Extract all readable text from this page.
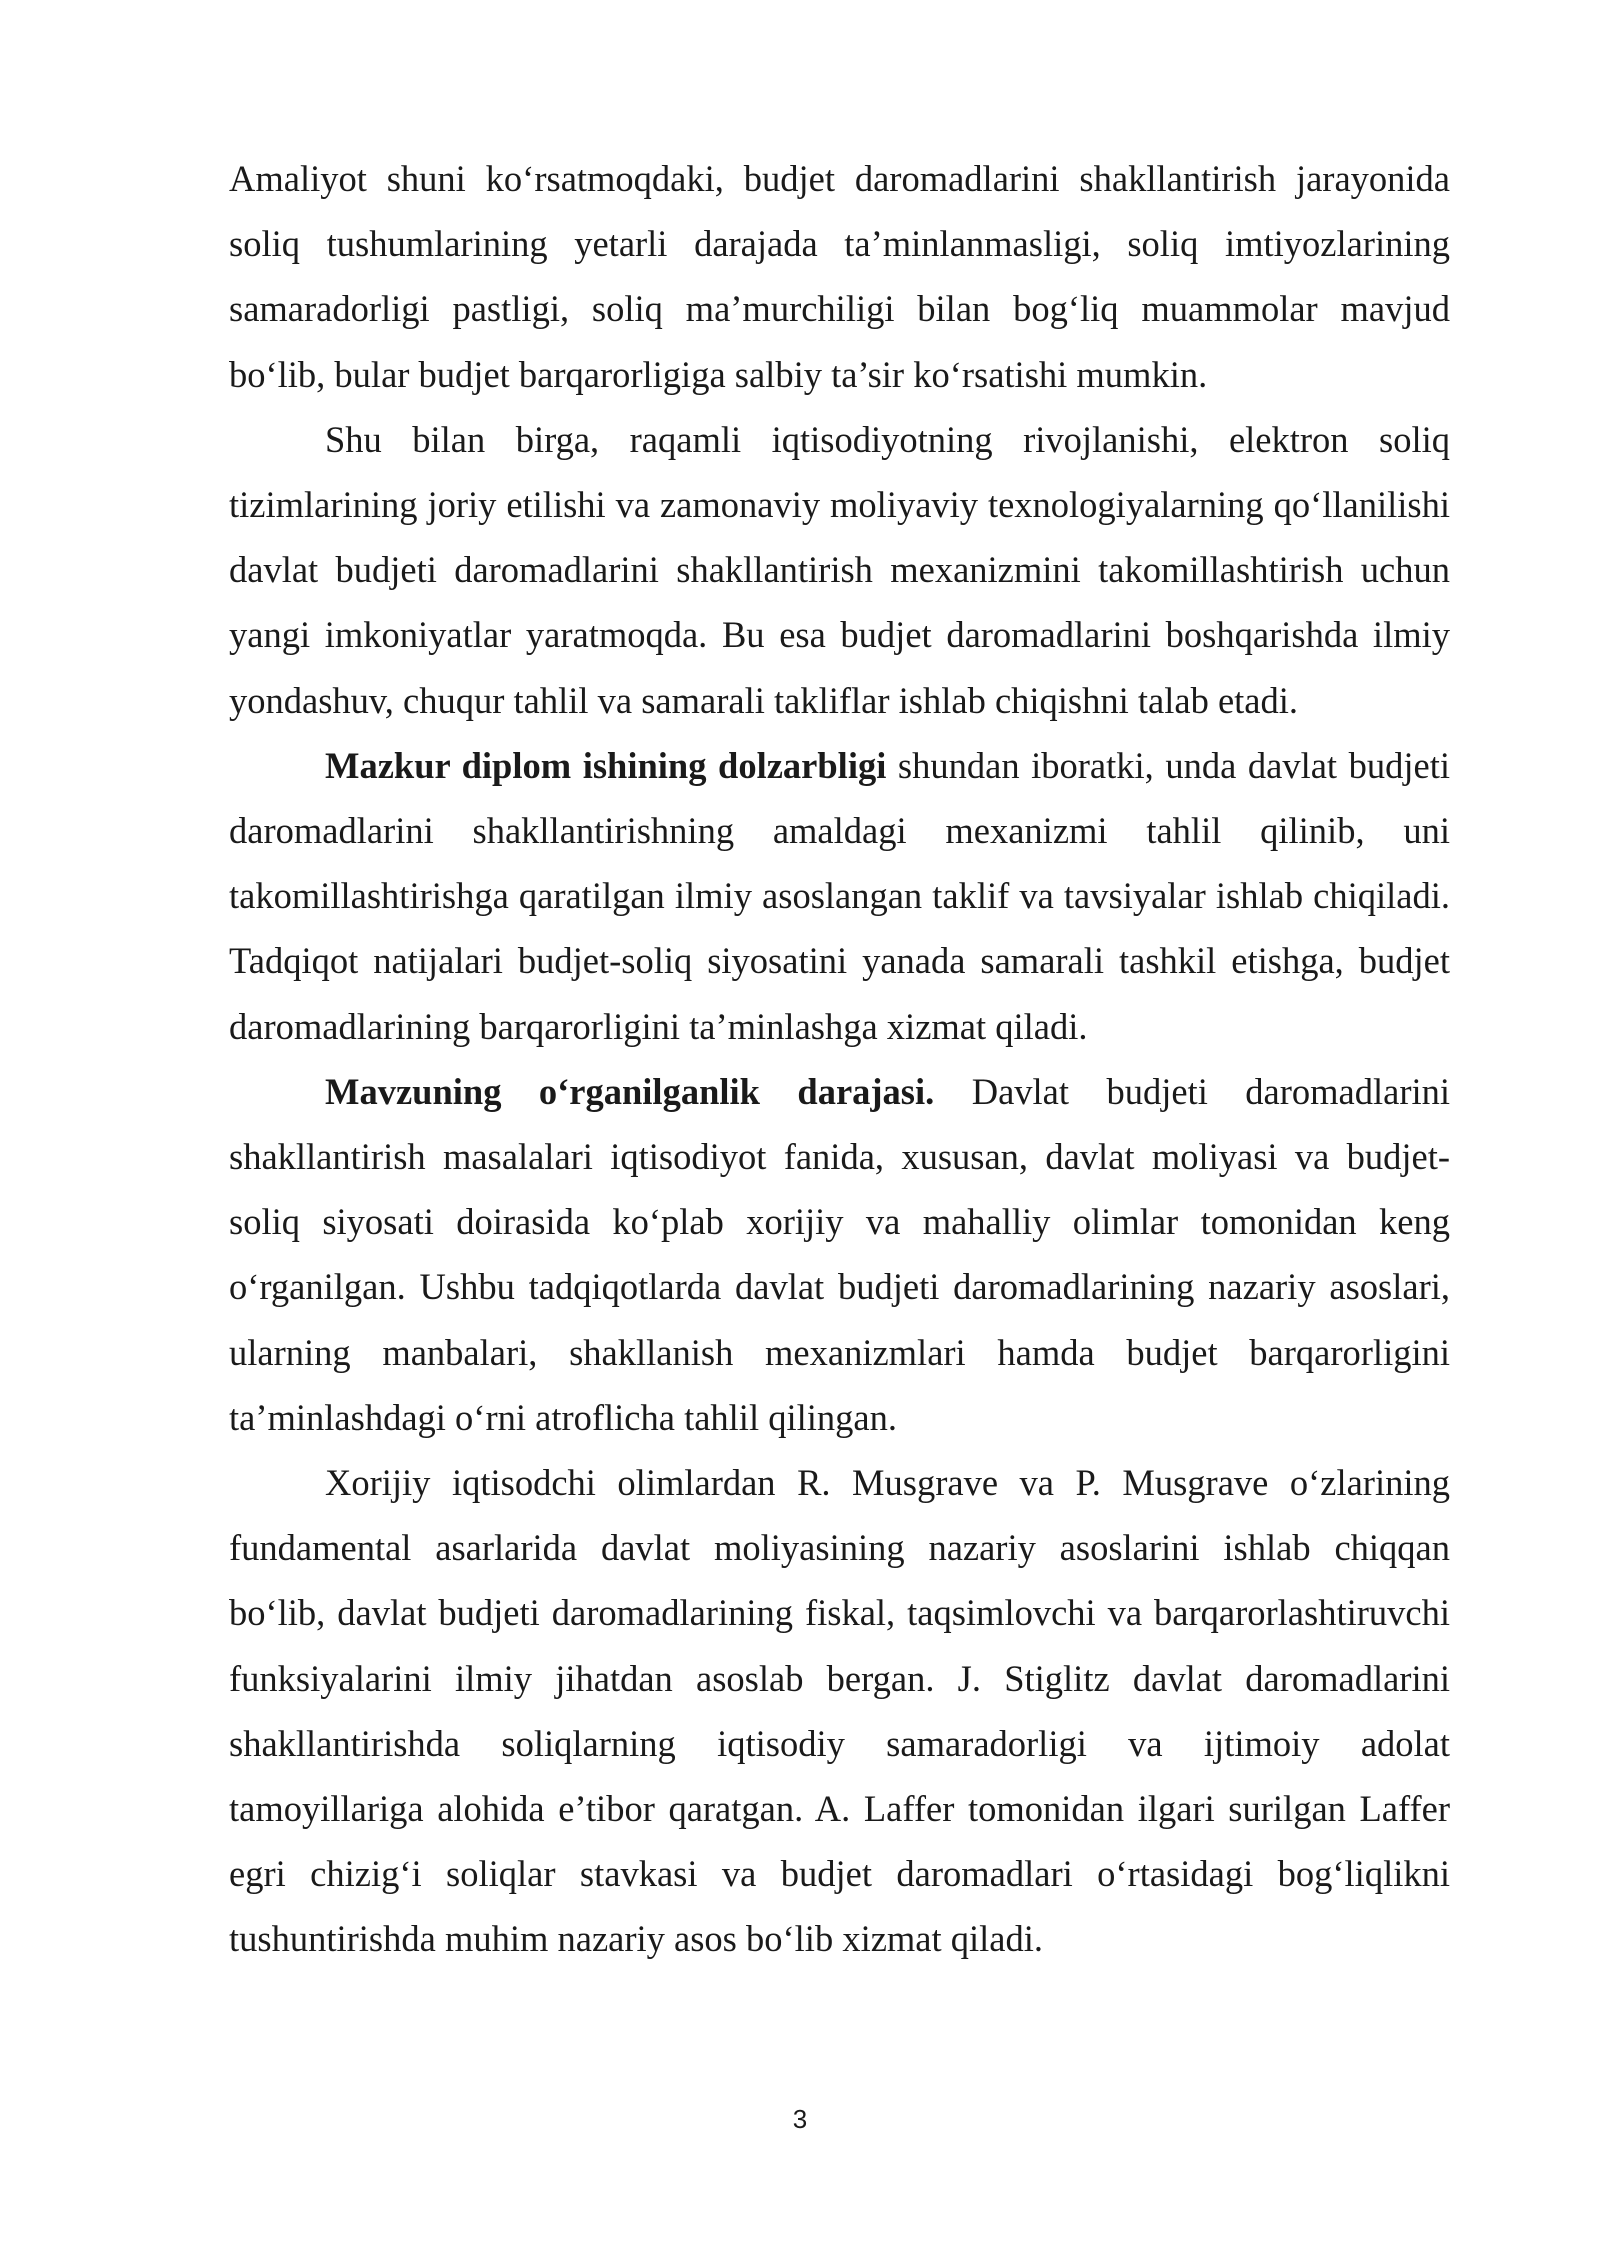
Amaliyot shuni ko‘rsatmoqdaki, budjet daromadlarini shakllantirish jarayonida soliq tushumlarining yetarli darajada ta’minlanmasligi, soliq imtiyozlarining samaradorligi pastligi, soliq ma’murchiligi bilan bog‘liq muammolar mavjud bo‘lib, bular budjet barqarorligiga salbiy ta’sir ko‘rsatishi mumkin.

Shu bilan birga, raqamli iqtisodiyotning rivojlanishi, elektron soliq tizimlarining joriy etilishi va zamonaviy moliyaviy texnologiyalarning qo‘llanilishi davlat budjeti daromadlarini shakllantirish mexanizmini takomillashtirish uchun yangi imkoniyatlar yaratmoqda. Bu esa budjet daromadlarini boshqarishda ilmiy yondashuv, chuqur tahlil va samarali takliflar ishlab chiqishni talab etadi.

Mazkur diplom ishining dolzarbligi shundan iboratki, unda davlat budjeti daromadlarini shakllantirishning amaldagi mexanizmi tahlil qilinib, uni takomillashtirishga qaratilgan ilmiy asoslangan taklif va tavsiyalar ishlab chiqiladi. Tadqiqot natijalari budjet-soliq siyosatini yanada samarali tashkil etishga, budjet daromadlarining barqarorligini ta’minlashga xizmat qiladi.

Mavzuning o‘rganilganlik darajasi. Davlat budjeti daromadlarini shakllantirish masalalari iqtisodiyot fanida, xususan, davlat moliyasi va budjet-soliq siyosati doirasida ko‘plab xorijiy va mahalliy olimlar tomonidan keng o‘rganilgan. Ushbu tadqiqotlarda davlat budjeti daromadlarining nazariy asoslari, ularning manbalari, shakllanish mexanizmlari hamda budjet barqarorligini ta’minlashdagi o‘rni atroflicha tahlil qilingan.

Xorijiy iqtisodchi olimlardan R. Musgrave va P. Musgrave o‘zlarining fundamental asarlarida davlat moliyasining nazariy asoslarini ishlab chiqqan bo‘lib, davlat budjeti daromadlarining fiskal, taqsimlovchi va barqarorlashtiruvchi funksiyalarini ilmiy jihatdan asoslab bergan. J. Stiglitz davlat daromadlarini shakllantirishda soliqlarning iqtisodiy samaradorligi va ijtimoiy adolat tamoyillariga alohida e’tibor qaratgan. A. Laffer tomonidan ilgari surilgan Laffer egri chizig‘i soliqlar stavkasi va budjet daromadlari o‘rtasidagi bog‘liqlikni tushuntirishda muhim nazariy asos bo‘lib xizmat qiladi.

3
